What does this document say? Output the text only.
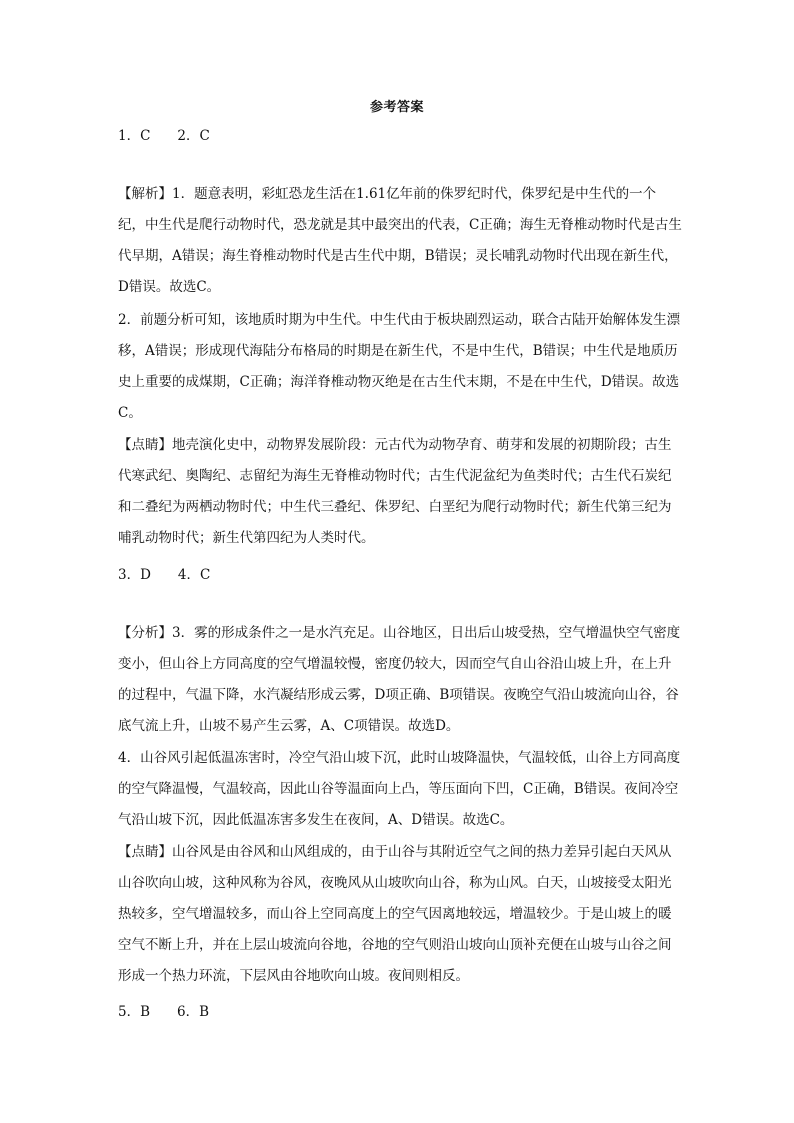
参考答案
1．C　　2．C

【解析】1．题意表明，彩虹恐龙生活在1.61亿年前的侏罗纪时代，侏罗纪是中生代的一个纪，中生代是爬行动物时代，恐龙就是其中最突出的代表，C正确；海生无脊椎动物时代是古生代早期，A错误；海生脊椎动物时代是古生代中期，B错误；灵长哺乳动物时代出现在新生代，D错误。故选C。

2．前题分析可知，该地质时期为中生代。中生代由于板块剧烈运动，联合古陆开始解体发生漂移，A错误；形成现代海陆分布格局的时期是在新生代，不是中生代，B错误；中生代是地质历史上重要的成煤期，C正确；海洋脊椎动物灭绝是在古生代末期，不是在中生代，D错误。故选C。

【点睛】地壳演化史中，动物界发展阶段：元古代为动物孕育、萌芽和发展的初期阶段；古生代寒武纪、奥陶纪、志留纪为海生无脊椎动物时代；古生代泥盆纪为鱼类时代；古生代石炭纪和二叠纪为两栖动物时代；中生代三叠纪、侏罗纪、白垩纪为爬行动物时代；新生代第三纪为哺乳动物时代；新生代第四纪为人类时代。

3．D　　4．C

【分析】3．雾的形成条件之一是水汽充足。山谷地区，日出后山坡受热，空气增温快空气密度变小，但山谷上方同高度的空气增温较慢，密度仍较大，因而空气自山谷沿山坡上升，在上升的过程中，气温下降，水汽凝结形成云雾，D项正确、B项错误。夜晚空气沿山坡流向山谷，谷底气流上升，山坡不易产生云雾，A、C项错误。故选D。

4．山谷风引起低温冻害时，冷空气沿山坡下沉，此时山坡降温快，气温较低，山谷上方同高度的空气降温慢，气温较高，因此山谷等温面向上凸，等压面向下凹，C正确，B错误。夜间冷空气沿山坡下沉，因此低温冻害多发生在夜间，A、D错误。故选C。

【点睛】山谷风是由谷风和山风组成的，由于山谷与其附近空气之间的热力差异引起白天风从山谷吹向山坡，这种风称为谷风，夜晚风从山坡吹向山谷，称为山风。白天，山坡接受太阳光热较多，空气增温较多，而山谷上空同高度上的空气因离地较远，增温较少。于是山坡上的暖空气不断上升，并在上层山坡流向谷地，谷地的空气则沿山坡向山顶补充便在山坡与山谷之间形成一个热力环流，下层风由谷地吹向山坡。夜间则相反。

5．B　　6．B
